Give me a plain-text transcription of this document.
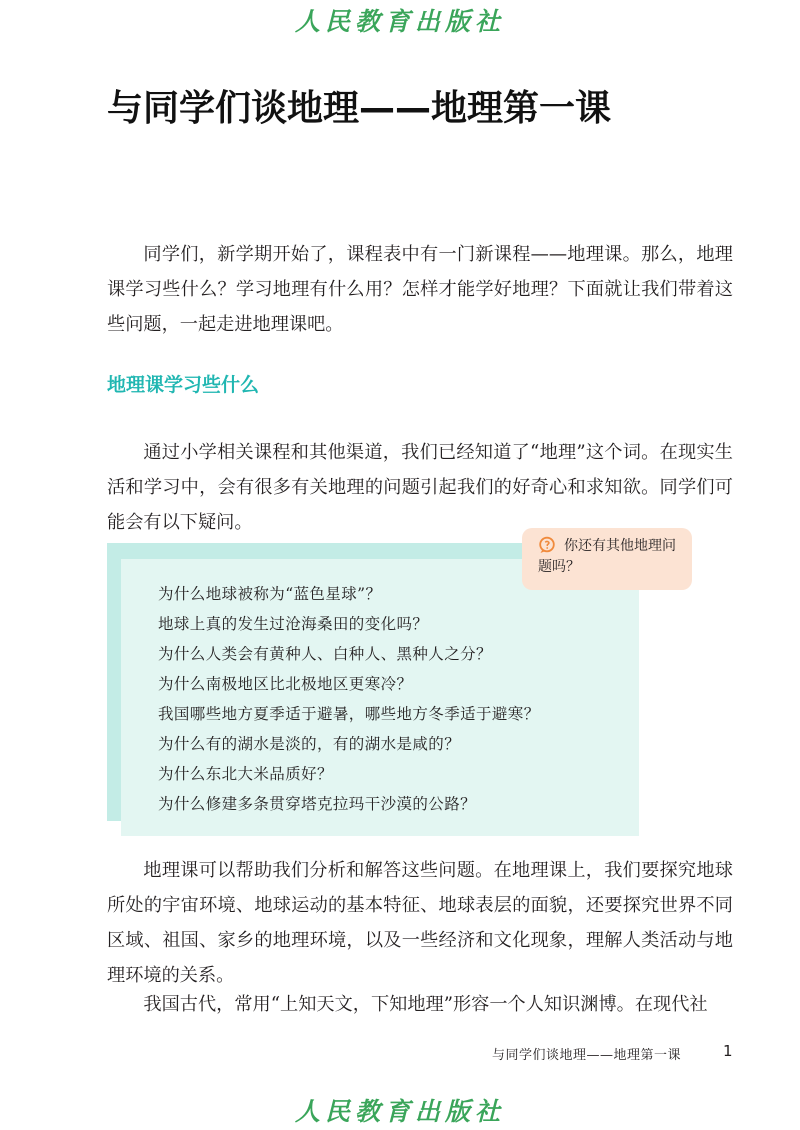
人民教育出版社
与同学们谈地理——地理第一课

同学们，新学期开始了，课程表中有一门新课程——地理课。那么，地理课学习些什么？学习地理有什么用？怎样才能学好地理？下面就让我们带着这些问题，一起走进地理课吧。

地理课学习些什么

通过小学相关课程和其他渠道，我们已经知道了“地理”这个词。在现实生活和学习中，会有很多有关地理的问题引起我们的好奇心和求知欲。同学们可能会有以下疑问。

为什么地球被称为“蓝色星球”？
地球上真的发生过沧海桑田的变化吗？
为什么人类会有黄种人、白种人、黑种人之分？
为什么南极地区比北极地区更寒冷？
我国哪些地方夏季适于避暑，哪些地方冬季适于避寒？
为什么有的湖水是淡的，有的湖水是咸的？
为什么东北大米品质好？
为什么修建多条贯穿塔克拉玛干沙漠的公路？
你还有其他地理问题吗？

地理课可以帮助我们分析和解答这些问题。在地理课上，我们要探究地球所处的宇宙环境、地球运动的基本特征、地球表层的面貌，还要探究世界不同区域、祖国、家乡的地理环境，以及一些经济和文化现象，理解人类活动与地理环境的关系。

我国古代，常用“上知天文，下知地理”形容一个人知识渊博。在现代社

与同学们谈地理——地理第一课	1
人民教育出版社
